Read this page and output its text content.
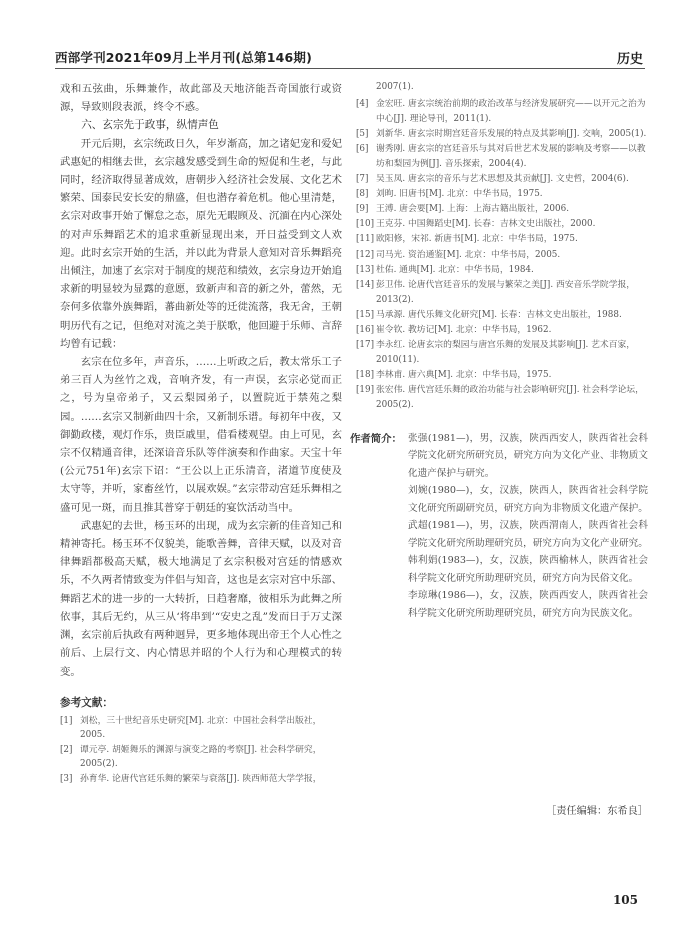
西部学刊2021年09月上半月刊(总第146期)	历史

戏和五弦曲，乐舞兼作，故此部及天地济能吾奇国旅行或资源，导致则段表派，终令不惑。

六、玄宗先于政事，纵情声色

开元后期，玄宗统政日久，年岁渐高，加之诸妃宠和爱妃武惠妃的相继去世，玄宗越发感受到生命的短促和生老，与此同时，经济取得显著成效，唐朝步入经济社会发展、文化艺术繁荣、国泰民安长安的鼎盛，但也潜存着危机。他心里清楚，玄宗对政事开始了懈怠之态，原先无暇顾及、沉湎在内心深处的对声乐舞蹈艺术的追求重新显现出来，开日益受到文人欢迎。此时玄宗开始的生活，并以此为背景人意知对音乐舞蹈亮出倾注，加速了玄宗对于制度的规范和绩效，玄宗身边开始追求新的明显较为显露的意愿，致新声和音的新之外，蕾然，无奈何多依靠外族舞蹈，蕃曲新处等的迁徙流落，我无舍，王朝明历代有之记，但绝对对流之美于朕歌，他回避于乐师、言辞均曾有记载：

玄宗在位多年，声音乐，……上听政之后，教太常乐工子弟三百人为丝竹之戏，音响齐发，有一声误，玄宗必觉而正之，号为皇帝弟子，又云梨园弟子，以置院近于禁苑之梨园。……玄宗又制新曲四十余，又新制乐谱。每初年中夜，又御勤政楼，观灯作乐，贵臣戚里，借看楼观望。由上可见，玄宗不仅精通音律，还深谙音乐队等伴演奏和作曲家。天宝十年(公元751年)玄宗下诏：“王公以上正乐清音，渚道节度使及太守等，并听，家畜丝竹，以展欢娱。”玄宗带动宫廷乐舞相之盛可见一斑，而且推其普穿于朝廷的宴饮活动当中。

武惠妃的去世，杨玉环的出现，成为玄宗新的佳音知己和精神寄托。杨玉环不仅貌美，能歌善舞，音律天赋，以及对音律舞蹈都极高天赋，极大地满足了玄宗积极对宫廷的情感欢乐，不久两者情致变为伴侣与知音，这也是玄宗对宫中乐部、舞蹈艺术的进一步的一大转折，日趋奢靡，彼相乐为此舞之所依事，其后无约，从三从‘将串到’“安史之乱”发而日于万丈深渊，玄宗前后执政有两种迥异，更多地体现出帝王个人心性之前后、上层行文、内心情思并昭的个人行为和心理模式的转变。

参考文献：
[1] 刘松，三十世纪音乐史研究[M]. 北京：中国社会科学出版社，2005.
[2] 谭元亭. 胡姬舞乐的渊源与演变之路的考察[J]. 社会科学研究，2005(2).
[3] 孙育华. 论唐代宫廷乐舞的繁荣与衰落[J]. 陕西师范大学学报，

2007(1).

[4] 金宏旺. 唐玄宗统治前期的政治改革与经济发展研究——以开元之治为中心[J]. 理论导刊，2011(1).
[5] 刘新华. 唐玄宗时期宫廷音乐发展的特点及其影响[J]. 交响，2005(1).
[6] 谢秀刚. 唐玄宗的宫廷音乐与其对后世艺术发展的影响及考察——以教坊和梨园为例[J]. 音乐探索，2004(4).
[7] 吴玉凤. 唐玄宗的音乐与艺术思想及其贡献[J]. 文史哲，2004(6).
[8] 刘昫. 旧唐书[M]. 北京：中华书局，1975.
[9] 王溥. 唐会要[M]. 上海：上海古籍出版社，2006.
[10] 王克芬. 中国舞蹈史[M]. 长春：吉林文史出版社，2000.
[11] 欧阳修，宋祁. 新唐书[M]. 北京：中华书局，1975.
[12] 司马光. 资治通鉴[M]. 北京：中华书局，2005.
[13] 杜佑. 通典[M]. 北京：中华书局，1984.
[14] 彭卫伟. 论唐代宫廷音乐的发展与繁荣之美[J]. 西安音乐学院学报，2013(2).
[15] 马承源. 唐代乐舞文化研究[M]. 长春：吉林文史出版社，1988.
[16] 崔令钦. 教坊记[M]. 北京：中华书局，1962.
[17] 李永红. 论唐玄宗的梨园与唐宫乐舞的发展及其影响[J]. 艺术百家，2010(11).
[18] 李林甫. 唐六典[M]. 北京：中华书局，1975.
[19] 张宏伟. 唐代宫廷乐舞的政治功能与社会影响研究[J]. 社会科学论坛，2005(2).
作者简介： 张强(1981—)，男，汉族，陕西西安人，陕西省社会科学院文化研究所研究员，研究方向为文化产业、非物质文化遗产保护与研究。

刘婉(1980—)，女，汉族，陕西人，陕西省社会科学院文化研究所副研究员，研究方向为非物质文化遗产保护。

武超(1981—)，男，汉族，陕西渭南人，陕西省社会科学院文化研究所助理研究员，研究方向为文化产业研究。

韩利娟(1983—)，女，汉族，陕西榆林人，陕西省社会科学院文化研究所助理研究员，研究方向为民俗文化。

李琼琳(1986—)，女，汉族，陕西西安人，陕西省社会科学院文化研究所助理研究员，研究方向为民族文化。

［责任编辑：东希良］
105
